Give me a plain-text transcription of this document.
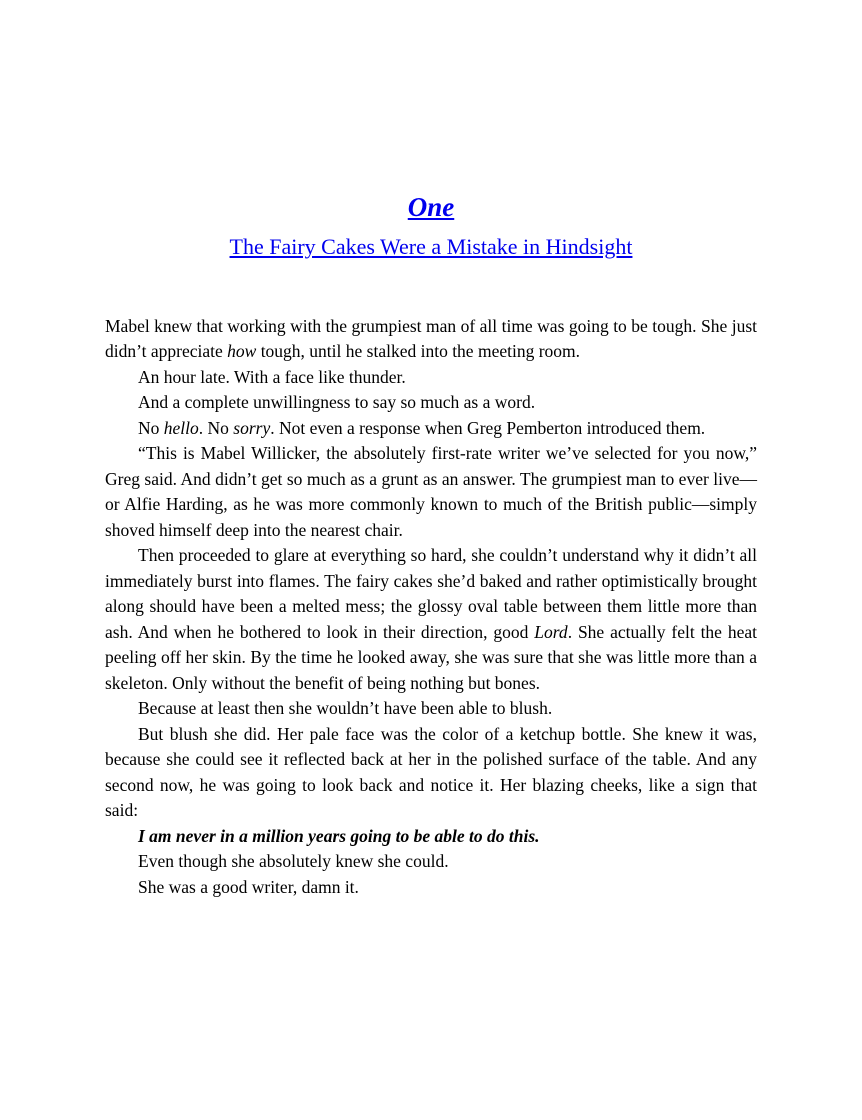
One
The Fairy Cakes Were a Mistake in Hindsight

Mabel knew that working with the grumpiest man of all time was going to be tough. She just didn’t appreciate how tough, until he stalked into the meeting room.

An hour late. With a face like thunder.

And a complete unwillingness to say so much as a word.

No hello. No sorry. Not even a response when Greg Pemberton introduced them.

“This is Mabel Willicker, the absolutely first-rate writer we’ve selected for you now,” Greg said. And didn’t get so much as a grunt as an answer. The grumpiest man to ever live—or Alfie Harding, as he was more commonly known to much of the British public—simply shoved himself deep into the nearest chair.

Then proceeded to glare at everything so hard, she couldn’t understand why it didn’t all immediately burst into flames. The fairy cakes she’d baked and rather optimistically brought along should have been a melted mess; the glossy oval table between them little more than ash. And when he bothered to look in their direction, good Lord. She actually felt the heat peeling off her skin. By the time he looked away, she was sure that she was little more than a skeleton. Only without the benefit of being nothing but bones.

Because at least then she wouldn’t have been able to blush.

But blush she did. Her pale face was the color of a ketchup bottle. She knew it was, because she could see it reflected back at her in the polished surface of the table. And any second now, he was going to look back and notice it. Her blazing cheeks, like a sign that said:

I am never in a million years going to be able to do this.

Even though she absolutely knew she could.

She was a good writer, damn it.
